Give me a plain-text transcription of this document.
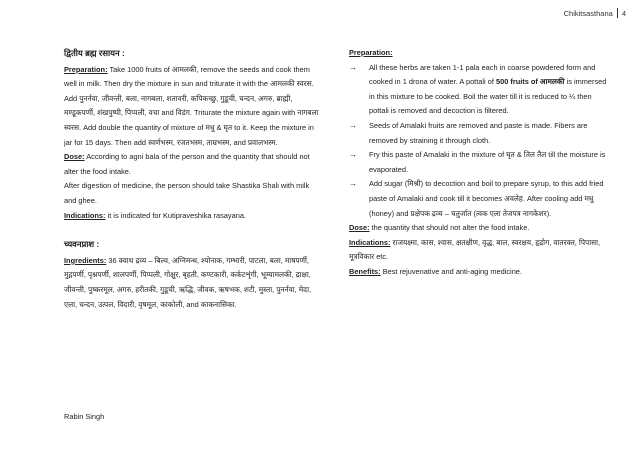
Chikitsasthana 4
द्वितीय ब्रह्म रसायन :

Preparation: Take 1000 fruits of आमलकी, remove the seeds and cook them well in milk. Then dry the mixture in sun and triturate it with the आमलकी स्वरस. Add पुनर्नवा, जीवन्ती, बला, नागबला, शतावरी, कपिकच्छु, गुडूची, चन्दन, अगरु, ब्राह्मी, मण्डूकपर्णी, शंखपुष्पी, पिप्पली, वचा and विडंग. Triturate the mixture again with नागबला स्वरस. Add double the quantity of mixture of मधु & घृत to it. Keep the mixture in jar for 15 days. Then add स्वर्णभस्म, रजतभस्म, ताम्रभस्म, and प्रवालभस्म.

Dose: According to agni bala of the person and the quantity that should not alter the food intake.

After digestion of medicine, the person should take Shastika Shali with milk and ghee.

Indications: it is indicated for Kutipraveshika rasayana.

च्यवनप्राश :

Ingredients: 36 क्वाथ द्रव्य – बिल्व, अग्निमन्थ, श्योनाक, गम्भारी, पाटला, बला, माषपर्णी, मुद्गपर्णी, पृश्नपर्णी, शालपर्णी, पिप्पली, गोक्षुर, बृहती, कण्टकारी, कर्कटशृंगी, भूम्यामलकी, द्राक्षा, जीवन्ती, पुष्करमूल, अगरु, हरीतकी, गुडूची, ऋद्धि, जीवक, ऋषभक, शटी, मुस्ता, पुनर्नवा, मेदा, एला, चन्दन, उत्पल, विदारी, वृषमूल, काकोली, and काकनासिका.

Preparation:
→ All these herbs are taken 1-1 pala each in coarse powdered form and cooked in 1 drona of water. A pottali of 500 fruits of आमलकी is immersed in this mixture to be cooked. Boil the water till it is reduced to ¼ then pottali is removed and decoction is filtered.
→ Seeds of Amalaki fruits are removed and paste is made. Fibers are removed by straining it through cloth.
→ Fry this paste of Amalaki in the mixture of घृत & तिल तैल till the moisture is evaporated.
→ Add sugar (मिश्री) to decoction and boil to prepare syrup, to this add fried paste of Amalaki and cook till it becomes अवलेह. After cooling add मधु (honey) and प्रक्षेपक द्रव्य – चतुर्जात (त्वक एला तेजपत्र नागकेशर).

Dose: the quantity that should not alter the food intake.

Indications: राजयक्ष्मा, कास, श्वास, क्षतक्षीण, वृद्ध, बाल, स्वरक्षय, हृद्रोग, वातरक्त, पिपासा, मूत्रविकार etc.

Benefits: Best rejuvenative and anti-aging medicine.

Rabin Singh
